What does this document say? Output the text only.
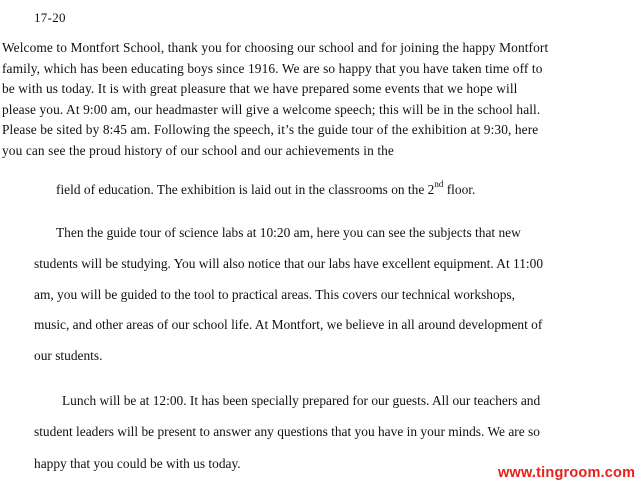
17-20

Welcome to Montfort School, thank you for choosing our school and for joining the happy Montfort
family, which has been educating boys since 1916. We are so happy that you have taken time off to
be with us today. It is with great pleasure that we have prepared some events that we hope will
please you. At 9:00 am, our headmaster will give a welcome speech; this will be in the school hall.
Please be sited by 8:45 am. Following the speech, it’s the guide tour of the exhibition at 9:30, here
you can see the proud history of our school and our achievements in the

field of education. The exhibition is laid out in the classrooms on the 2nd floor.

Then the guide tour of science labs at 10:20 am, here you can see the subjects that new
students will be studying. You will also notice that our labs have excellent equipment. At 11:00
am, you will be guided to the tool to practical areas. This covers our technical workshops,
music, and other areas of our school life. At Montfort, we believe in all around development of
our students.

Lunch will be at 12:00. It has been specially prepared for our guests. All our teachers and
student leaders will be present to answer any questions that you have in your minds. We are so
happy that you could be with us today.

www.tingroom.com
